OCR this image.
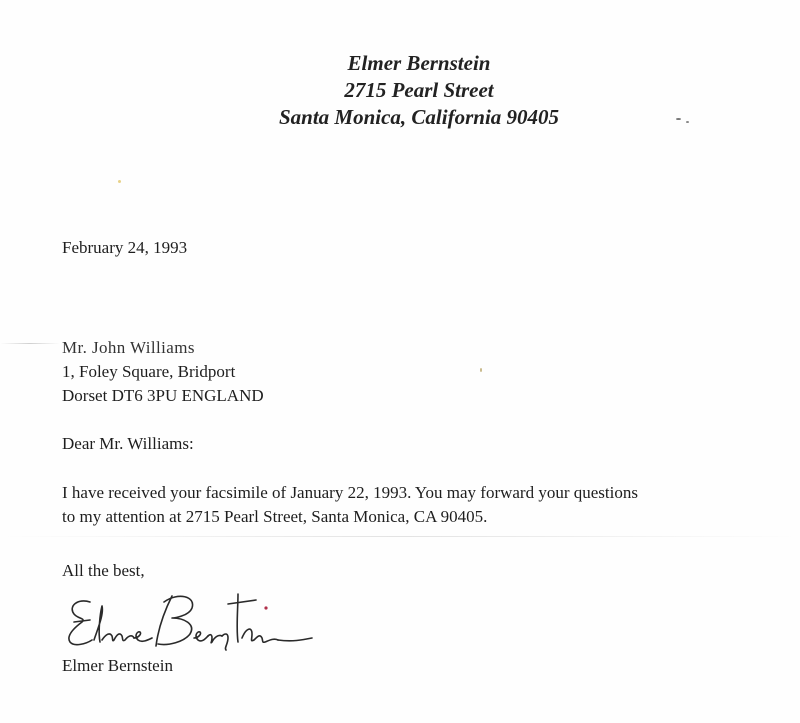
Elmer Bernstein
2715 Pearl Street
Santa Monica, California 90405
February 24, 1993
Mr. John Williams
1, Foley Square, Bridport
Dorset DT6 3PU ENGLAND
Dear Mr. Williams:
I have received your facsimile of January 22, 1993. You may forward your questions
to my attention at 2715 Pearl Street, Santa Monica, CA 90405.
All the best,
Elmer Bernstein
